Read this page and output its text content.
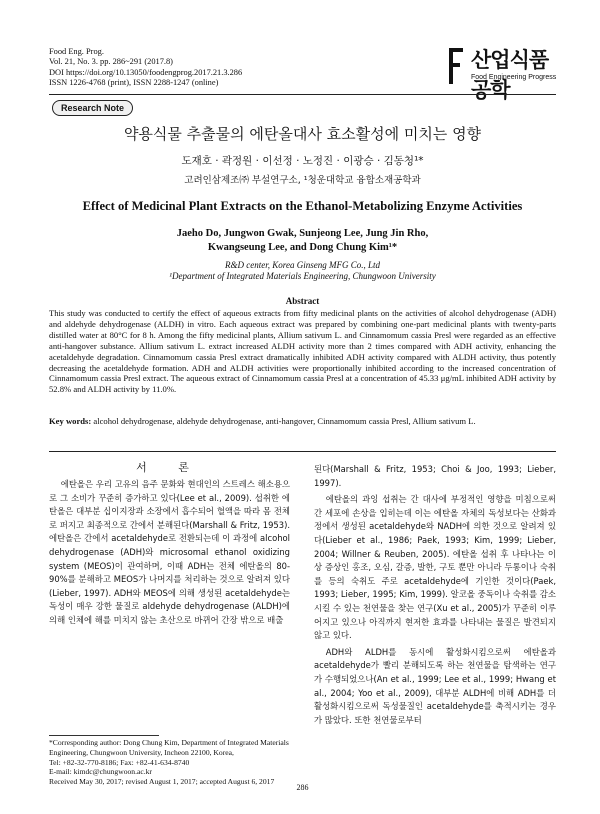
Food Eng. Prog.
Vol. 21, No. 3. pp. 286~291 (2017.8)
DOI https://doi.org/10.13050/foodengprog.2017.21.3.286
ISSN 1226-4768 (print), ISSN 2288-1247 (online)
산업식품공학
Food Engineering Progress
Research Note
약용식물 추출물의 에탄올대사 효소활성에 미치는 영향
도재호 · 곽정원 · 이선정 · 노정진 · 이광승 · 김동청¹*
고려인삼제조㈜ 부설연구소, ¹청운대학교 융합소재공학과
Effect of Medicinal Plant Extracts on the Ethanol-Metabolizing Enzyme Activities
Jaeho Do, Jungwon Gwak, Sunjeong Lee, Jung Jin Rho,
Kwangseung Lee, and Dong Chung Kim¹*
R&D center, Korea Ginseng MFG Co., Ltd
¹Department of Integrated Materials Engineering, Chungwoon University
Abstract
This study was conducted to certify the effect of aqueous extracts from fifty medicinal plants on the activities of alcohol dehydrogenase (ADH) and aldehyde dehydrogenase (ALDH) in vitro. Each aqueous extract was prepared by combining one-part medicinal plants with twenty-parts distilled water at 80°C for 8 h. Among the fifty medicinal plants, Allium sativum L. and Cinnamomum cassia Presl were regarded as an effective anti-hangover substance. Allium sativum L. extract increased ALDH activity more than 2 times compared with ADH activity, enhancing the acetaldehyde degradation. Cinnamomum cassia Presl extract dramatically inhibited ADH activity compared with ALDH activity, thus potently decreasing the acetaldehyde formation. ADH and ALDH activities were proportionally inhibited according to the increased concentration of Cinnamomum cassia Presl extract. The aqueous extract of Cinnamomum cassia Presl at a concentration of 45.33 μg/mL inhibited ADH activity by 52.8% and ALDH activity by 11.0%.
Key words: alcohol dehydrogenase, aldehyde dehydrogenase, anti-hangover, Cinnamomum cassia Presl, Allium sativum L.
서 론

에탄올은 우리 고유의 음주 문화와 현대인의 스트레스 해소용으로 그 소비가 꾸준히 증가하고 있다(Lee et al., 2009). 섭취한 에탄올은 대부분 십이지장과 소장에서 흡수되어 혈액을 따라 몸 전체로 퍼지고 최종적으로 간에서 분해된다(Marshall & Fritz, 1953). 에탄올은 간에서 acetaldehyde로 전환되는데 이 과정에 alcohol dehydrogenase (ADH)와 microsomal ethanol oxidizing system (MEOS)이 관여하며, 이때 ADH는 전체 에탄올의 80-90%를 분해하고 MEOS가 나머지를 처리하는 것으로 알려져 있다(Lieber, 1997). ADH와 MEOS에 의해 생성된 acetaldehyde는 독성이 매우 강한 물질로 aldehyde dehydrogenase (ALDH)에 의해 인체에 해를 미치지 않는 초산으로 바뀌어 간장 밖으로 배출

된다(Marshall & Fritz, 1953; Choi & Joo, 1993; Lieber, 1997).

에탄올의 과잉 섭취는 간 대사에 부정적인 영향을 미침으로써 간 세포에 손상을 입히는데 이는 에탄올 자체의 독성보다는 산화과정에서 생성된 acetaldehyde와 NADH에 의한 것으로 알려져 있다(Lieber et al., 1986; Paek, 1993; Kim, 1999; Lieber, 2004; Willner & Reuben, 2005). 에탄올 섭취 후 나타나는 이상 증상인 홍조, 오심, 갈증, 발한, 구토 뿐만 아니라 두통이나 숙취를 등의 숙취도 주로 acetaldehyde에 기인한 것이다(Paek, 1993; Lieber, 1995; Kim, 1999). 알코올 중독이나 숙취를 감소시킬 수 있는 천연물을 찾는 연구(Xu et al., 2005)가 꾸준히 이루어지고 있으나 아직까지 현저한 효과를 나타내는 물질은 발견되지 않고 있다.

ADH와 ALDH를 동시에 활성화시킴으로써 에탄올과 acetaldehyde가 빨리 분해되도록 하는 천연물을 탐색하는 연구가 수행되었으나(An et al., 1999; Lee et al., 1999; Hwang et al., 2004; Yoo et al., 2009), 대부분 ALDH에 비해 ADH를 더 활성화시킴으로써 독성물질인 acetaldehyde를 축적시키는 경우가 많았다. 또한 천연물로부터

*Corresponding author: Dong Chung Kim, Department of Integrated Materials Engineering, Chungwoon University, Incheon 22100, Korea,
Tel: +82-32-770-8186; Fax: +82-41-634-8740
E-mail: kimdc@chungwoon.ac.kr
Received May 30, 2017; revised August 1, 2017; accepted August 6, 2017
286
